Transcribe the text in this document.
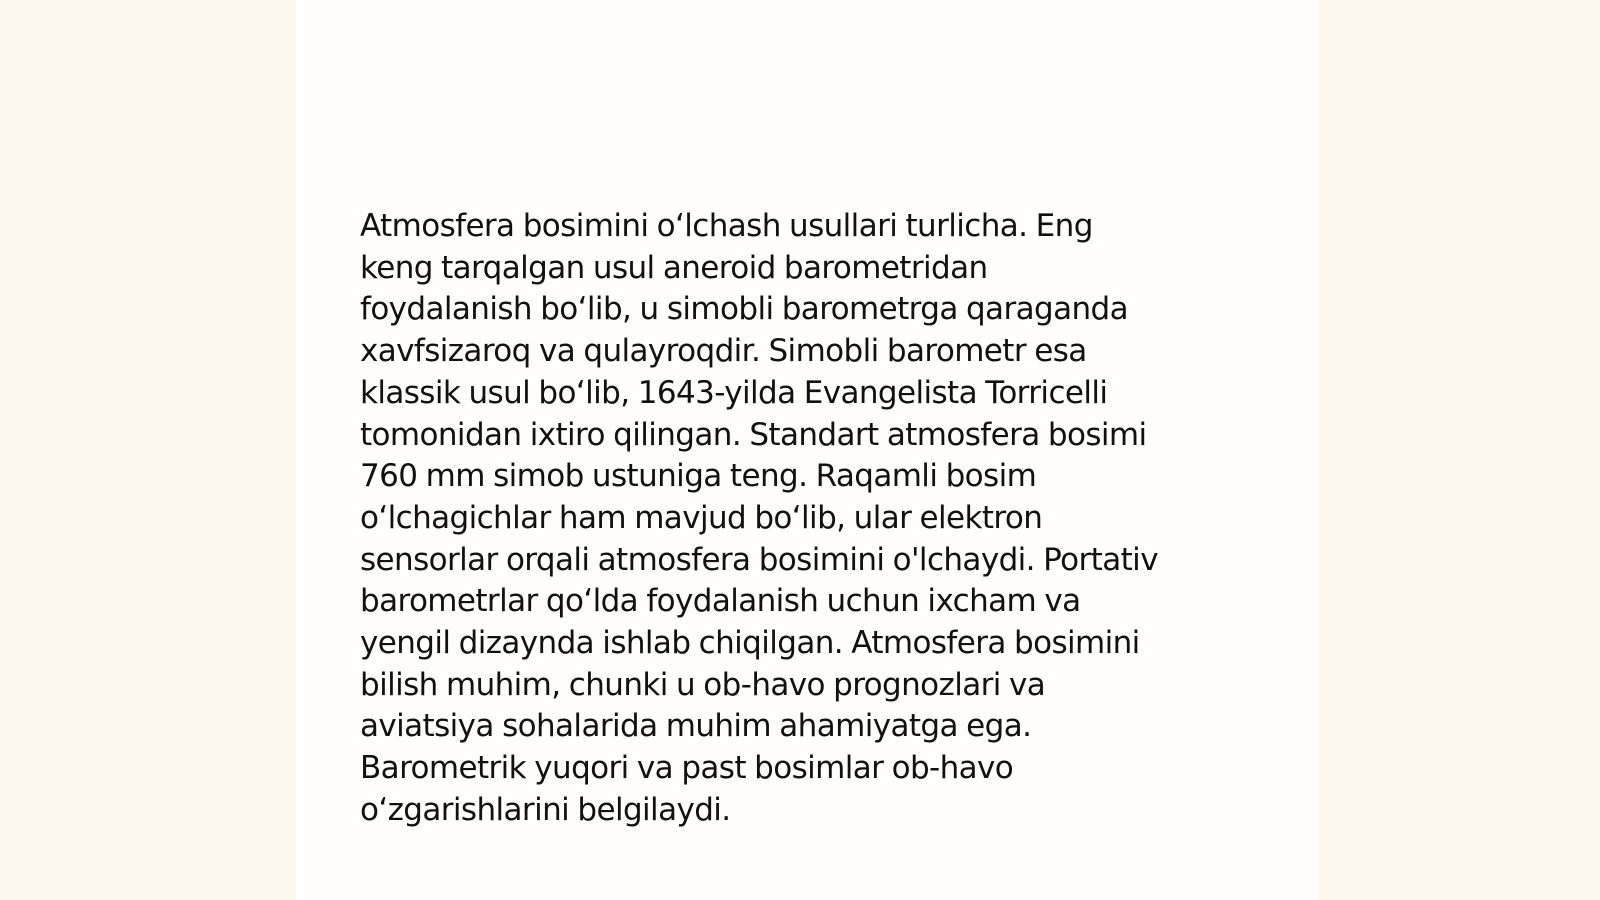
Atmosfera bosimini o‘lchash usullari turlicha. Eng
keng tarqalgan usul aneroid barometridan
foydalanish bo‘lib, u simobli barometrga qaraganda
xavfsizaroq va qulayroqdir. Simobli barometr esa
klassik usul bo‘lib, 1643-yilda Evangelista Torricelli
tomonidan ixtiro qilingan. Standart atmosfera bosimi
760 mm simob ustuniga teng. Raqamli bosim
o‘lchagichlar ham mavjud bo‘lib, ular elektron
sensorlar orqali atmosfera bosimini o'lchaydi. Portativ
barometrlar qo‘lda foydalanish uchun ixcham va
yengil dizaynda ishlab chiqilgan. Atmosfera bosimini
bilish muhim, chunki u ob-havo prognozlari va
aviatsiya sohalarida muhim ahamiyatga ega.
Barometrik yuqori va past bosimlar ob-havo
o‘zgarishlarini belgilaydi.
